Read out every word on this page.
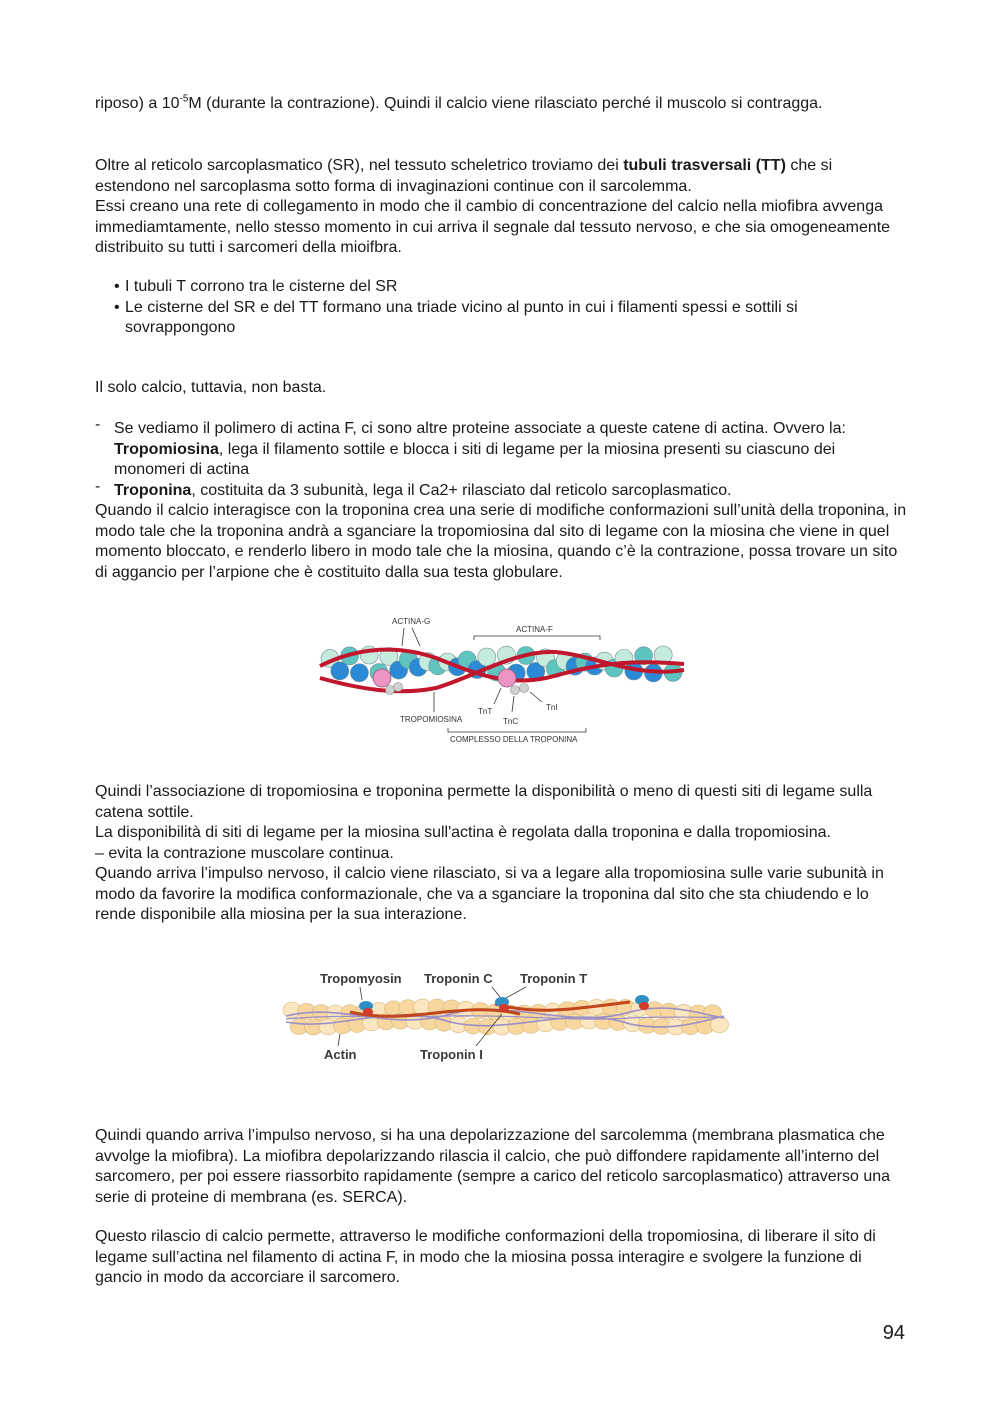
riposo) a $10^{-5}M$ (durante la contrazione). Quindi il calcio viene rilasciato perché il muscolo si contragga.

Oltre al reticolo sarcoplasmatico (SR), nel tessuto scheletrico troviamo dei tubuli trasversali (TT) che si estendono nel sarcoplasma sotto forma di invaginazioni continue con il sarcolemma.

Essi creano una rete di collegamento in modo che il cambio di concentrazione del calcio nella miofibra avvenga immediamtamente, nello stesso momento in cui arriva il segnale dal tessuto nervoso, e che sia omogeneamente distribuito su tutti i sarcomeri della mioifbra.

• I tubuli T corrono tra le cisterne del SR
• Le cisterne del SR e del TT formano una triade vicino al punto in cui i filamenti spessi e sottili si sovrappongono

Il solo calcio, tuttavia, non basta.

- Se vediamo il polimero di actina F, ci sono altre proteine associate a queste catene di actina. Ovvero la: Tropomiosina, lega il filamento sottile e blocca i siti di legame per la miosina presenti su ciascuno dei monomeri di actina

- Troponina, costituita da 3 subunità, lega il Ca2+ rilasciato dal reticolo sarcoplasmatico.

Quando il calcio interagisce con la troponina crea una serie di modifiche conformazioni sull’unità della troponina, in modo tale che la troponina andrà a sganciare la tropomiosina dal sito di legame con la miosina che viene in quel momento bloccato, e renderlo libero in modo tale che la miosina, quando c’è la contrazione, possa trovare un sito di aggancio per l’arpione che è costituito dalla sua testa globulare.

ACTINA-G
ACTINA-F
TROPOMIOSINA
TnT
TnC
TnI
COMPLESSO DELLA TROPONINA

Quindi l’associazione di tropomiosina e troponina permette la disponibilità o meno di questi siti di legame sulla catena sottile.

La disponibilità di siti di legame per la miosina sull'actina è regolata dalla troponina e dalla tropomiosina.

– evita la contrazione muscolare continua.

Quando arriva l’impulso nervoso, il calcio viene rilasciato, si va a legare alla tropomiosina sulle varie subunità in modo da favorire la modifica conformazionale, che va a sganciare la troponina dal sito che sta chiudendo e lo rende disponibile alla miosina per la sua interazione.

Tropomyosin Troponin C Troponin T
Actin	Troponin I

Quindi quando arriva l’impulso nervoso, si ha una depolarizzazione del sarcolemma (membrana plasmatica che avvolge la miofibra). La miofibra depolarizzando rilascia il calcio, che può diffondere rapidamente all’interno del sarcomero, per poi essere riassorbito rapidamente (sempre a carico del reticolo sarcoplasmatico) attraverso una serie di proteine di membrana (es. SERCA).

Questo rilascio di calcio permette, attraverso le modifiche conformazioni della tropomiosina, di liberare il sito di legame sull’actina nel filamento di actina F, in modo che la miosina possa interagire e svolgere la funzione di gancio in modo da accorciare il sarcomero.

94
